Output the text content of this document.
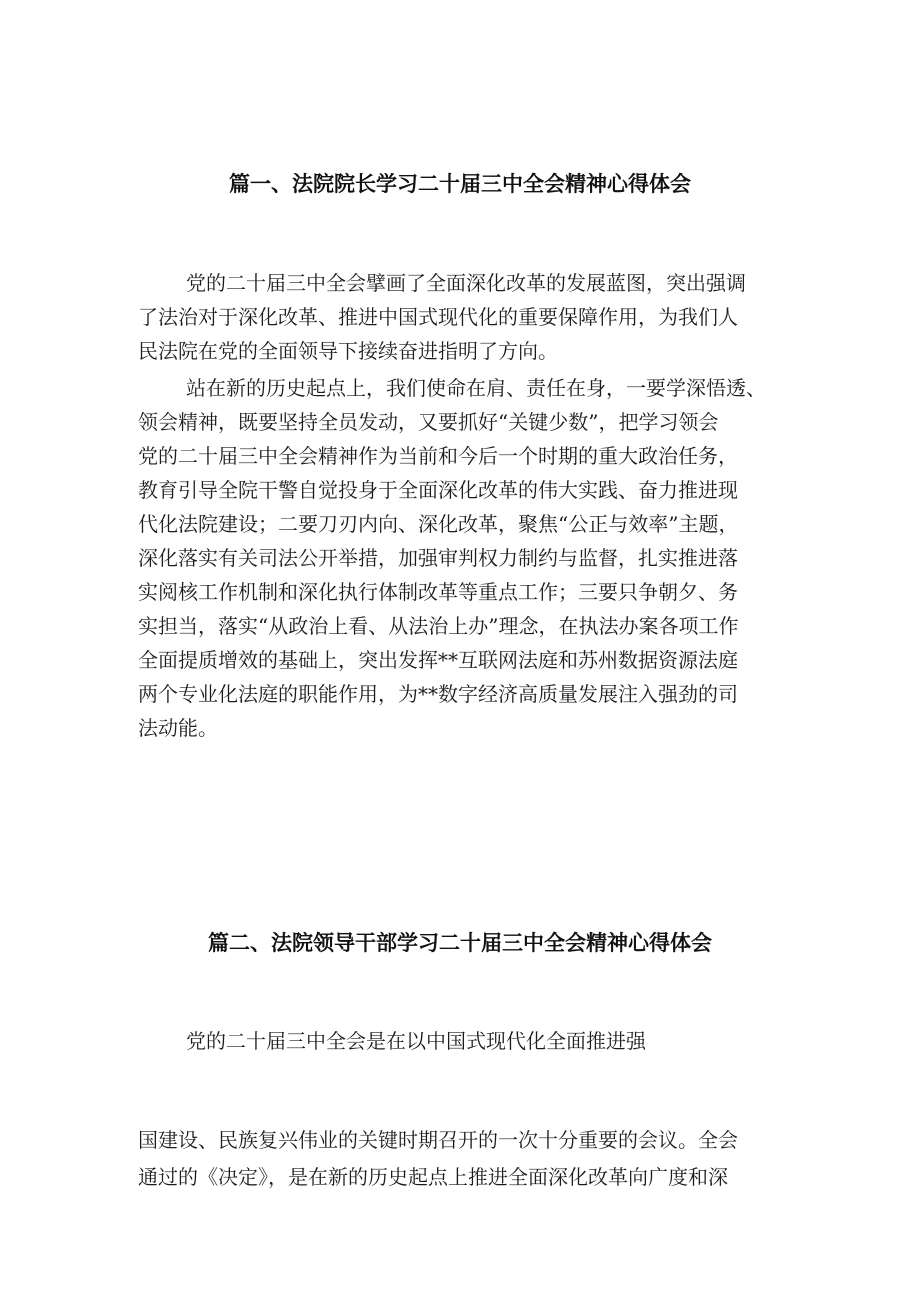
篇一、法院院长学习二十届三中全会精神心得体会
党的二十届三中全会擘画了全面深化改革的发展蓝图，突出强调
了法治对于深化改革、推进中国式现代化的重要保障作用，为我们人
民法院在党的全面领导下接续奋进指明了方向。
站在新的历史起点上，我们使命在肩、责任在身，一要学深悟透、
领会精神，既要坚持全员发动，又要抓好“关键少数”，把学习领会
党的二十届三中全会精神作为当前和今后一个时期的重大政治任务，
教育引导全院干警自觉投身于全面深化改革的伟大实践、奋力推进现
代化法院建设；二要刀刃内向、深化改革，聚焦“公正与效率”主题，
深化落实有关司法公开举措，加强审判权力制约与监督，扎实推进落
实阅核工作机制和深化执行体制改革等重点工作；三要只争朝夕、务
实担当，落实“从政治上看、从法治上办”理念，在执法办案各项工作
全面提质增效的基础上，突出发挥**互联网法庭和苏州数据资源法庭
两个专业化法庭的职能作用，为**数字经济高质量发展注入强劲的司
法动能。
篇二、法院领导干部学习二十届三中全会精神心得体会
党的二十届三中全会是在以中国式现代化全面推进强
国建设、民族复兴伟业的关键时期召开的一次十分重要的会议。全会
通过的《决定》，是在新的历史起点上推进全面深化改革向广度和深
